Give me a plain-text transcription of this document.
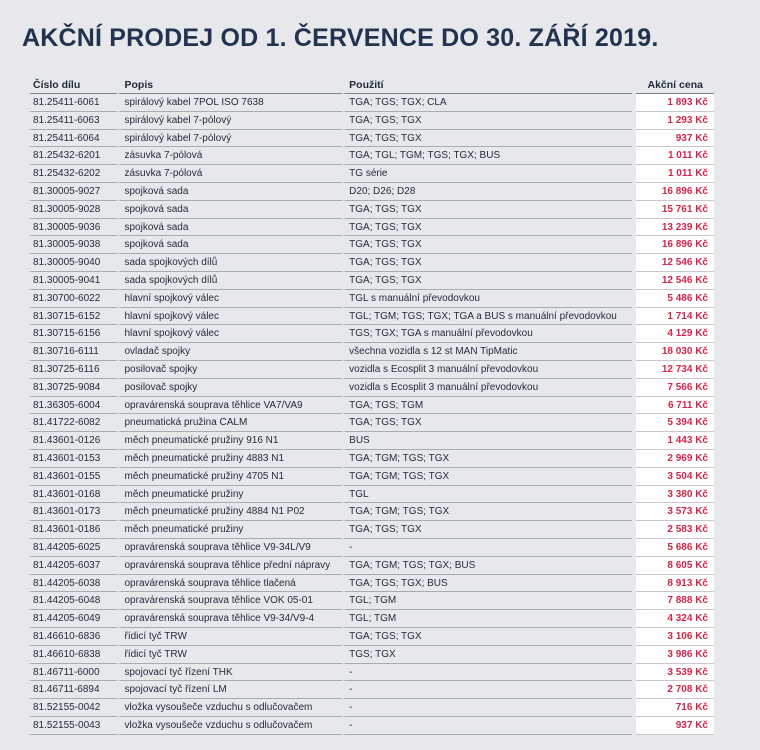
AKČNÍ PRODEJ OD 1. ČERVENCE DO 30. ZÁŘÍ 2019.
Číslo dílu	Popis	Použití	Akční cena
81.25411-6061	spirálový kabel 7POL ISO 7638	TGA; TGS; TGX; CLA	1 893 Kč
81.25411-6063	spirálový kabel 7-pólový	TGA; TGS; TGX	1 293 Kč
81.25411-6064	spirálový kabel 7-pólový	TGA; TGS; TGX	937 Kč
81.25432-6201	zásuvka 7-pólová	TGA; TGL; TGM; TGS; TGX; BUS	1 011 Kč
81.25432-6202	zásuvka 7-pólová	TG série	1 011 Kč
81.30005-9027	spojková sada	D20; D26; D28	16 896 Kč
81.30005-9028	spojková sada	TGA; TGS; TGX	15 761 Kč
81.30005-9036	spojková sada	TGA; TGS; TGX	13 239 Kč
81.30005-9038	spojková sada	TGA; TGS; TGX	16 896 Kč
81.30005-9040	sada spojkových dílů	TGA; TGS; TGX	12 546 Kč
81.30005-9041	sada spojkových dílů	TGA; TGS; TGX	12 546 Kč
81.30700-6022	hlavní spojkový válec	TGL s manuální převodovkou	5 486 Kč
81.30715-6152	hlavní spojkový válec	TGL; TGM; TGS; TGX; TGA a BUS s manuální převodovkou	1 714 Kč
81.30715-6156	hlavní spojkový válec	TGS; TGX; TGA s manuální převodovkou	4 129 Kč
81.30716-6111	ovladač spojky	všechna vozidla s 12 st MAN TipMatic	18 030 Kč
81.30725-6116	posilovač spojky	vozidla s Ecosplit 3 manuální převodovkou	12 734 Kč
81.30725-9084	posilovač spojky	vozidla s Ecosplit 3 manuální převodovkou	7 566 Kč
81.36305-6004	opravárenská souprava těhlice VA7/VA9	TGA; TGS; TGM	6 711 Kč
81.41722-6082	pneumatická pružina CALM	TGA; TGS; TGX	5 394 Kč
81.43601-0126	měch pneumatické pružiny 916 N1	BUS	1 443 Kč
81.43601-0153	měch pneumatické pružiny 4883 N1	TGA; TGM; TGS; TGX	2 969 Kč
81.43601-0155	měch pneumatické pružiny 4705 N1	TGA; TGM; TGS; TGX	3 504 Kč
81.43601-0168	měch pneumatické pružiny	TGL	3 380 Kč
81.43601-0173	měch pneumatické pružiny 4884 N1 P02	TGA; TGM; TGS; TGX	3 573 Kč
81.43601-0186	měch pneumatické pružiny	TGA; TGS; TGX	2 583 Kč
81.44205-6025	opravárenská souprava těhlice V9-34L/V9	-	5 686 Kč
81.44205-6037	opravárenská souprava těhlice přední nápravy	TGA; TGM; TGS; TGX; BUS	8 605 Kč
81.44205-6038	opravárenská souprava těhlice tlačená	TGA; TGS; TGX; BUS	8 913 Kč
81.44205-6048	opravárenská souprava těhlice VOK 05-01	TGL; TGM	7 888 Kč
81.44205-6049	opravárenská souprava těhlice V9-34/V9-4	TGL; TGM	4 324 Kč
81.46610-6836	řídicí tyč TRW	TGA; TGS; TGX	3 106 Kč
81.46610-6838	řídicí tyč TRW	TGS; TGX	3 986 Kč
81.46711-6000	spojovací tyč řízení THK	-	3 539 Kč
81.46711-6894	spojovací tyč řízení LM	-	2 708 Kč
81.52155-0042	vložka vysoušeče vzduchu s odlučovačem	-	716 Kč
81.52155-0043	vložka vysoušeče vzduchu s odlučovačem	-	937 Kč
